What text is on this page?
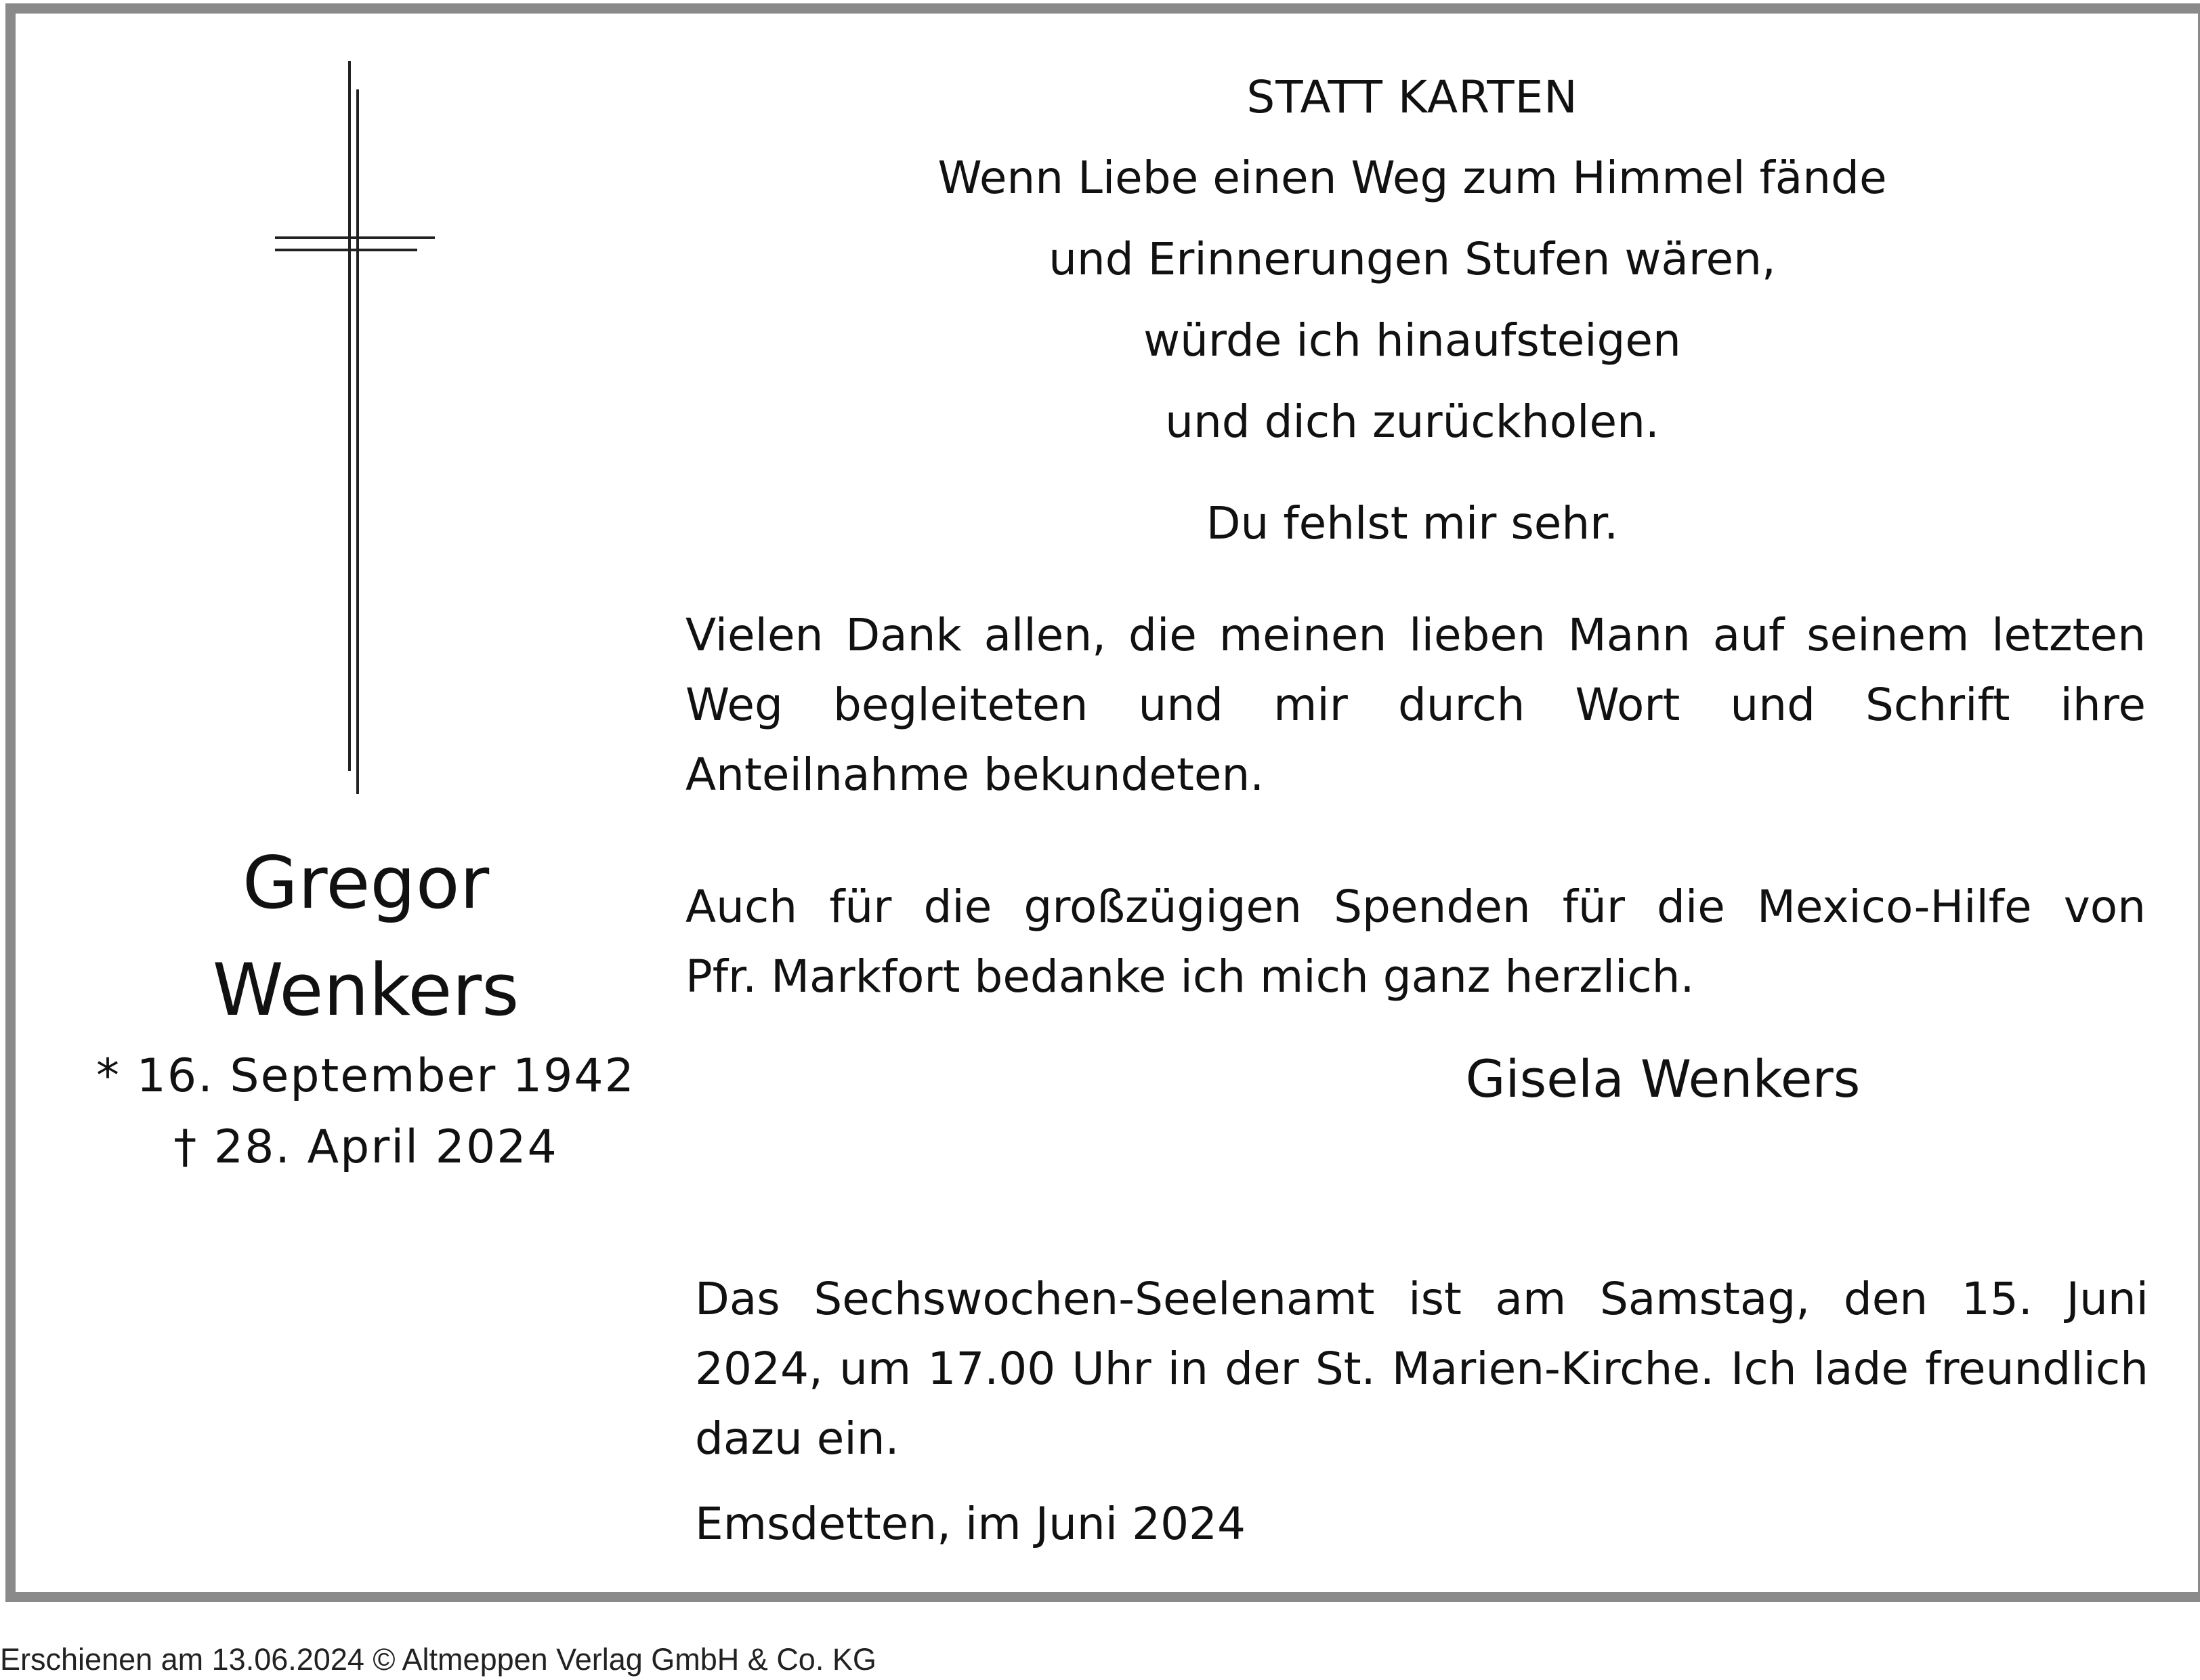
STATT KARTEN
Wenn Liebe einen Weg zum Himmel fände
und Erinnerungen Stufen wären,
würde ich hinaufsteigen
und dich zurückholen.
Du fehlst mir sehr.
Vielen Dank allen, die meinen lieben Mann auf seinem letzten
Weg begleiteten und mir durch Wort und Schrift ihre
Anteilnahme bekundeten.
Auch für die großzügigen Spenden für die Mexico-Hilfe von
Pfr. Markfort bedanke ich mich ganz herzlich.
Gisela Wenkers
Gregor
Wenkers
* 16. September 1942
† 28. April 2024
Das Sechswochen-Seelenamt ist am Samstag, den 15. Juni
2024, um 17.00 Uhr in der St. Marien-Kirche. Ich lade freundlich
dazu ein.
Emsdetten, im Juni 2024
Erschienen am 13.06.2024 © Altmeppen Verlag GmbH & Co. KG
